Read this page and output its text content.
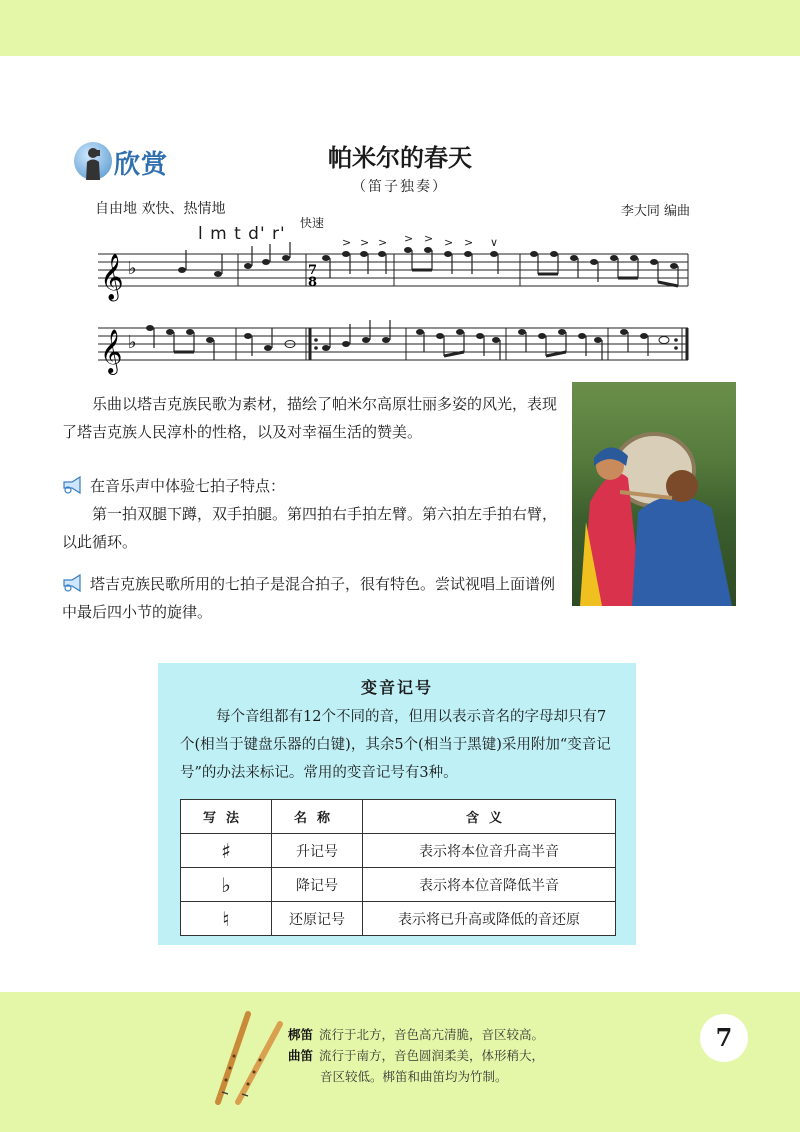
欣赏	帕米尔的春天
（笛子独奏）
自由地 欢快、热情地	李大同 编曲
l m t d' r'
快速
𝄞 ♭	7
8
> > > > > > > ∨
𝄞 ♭
乐曲以塔吉克族民歌为素材，描绘了帕米尔高原壮丽多姿的风光，表现了塔吉克族人民淳朴的性格，以及对幸福生活的赞美。
在音乐声中体验七拍子特点：
第一拍双腿下蹲，双手拍腿。第四拍右手拍左臂。第六拍左手拍右臂，以此循环。
塔吉克族民歌所用的七拍子是混合拍子，很有特色。尝试视唱上面谱例中最后四小节的旋律。
变音记号
每个音组都有12个不同的音，但用以表示音名的字母却只有7个(相当于键盘乐器的白键)，其余5个(相当于黑键)采用附加“变音记号”的办法来标记。常用的变音记号有3种。
写法	名称	含义
♯	升记号	表示将本位音升高半音
♭	降记号	表示将本位音降低半音
♮	还原记号	表示将已升高或降低的音还原
梆笛 流行于北方，音色高亢清脆，音区较高。
曲笛 流行于南方，音色圆润柔美，体形稍大，
音区较低。梆笛和曲笛均为竹制。
7
